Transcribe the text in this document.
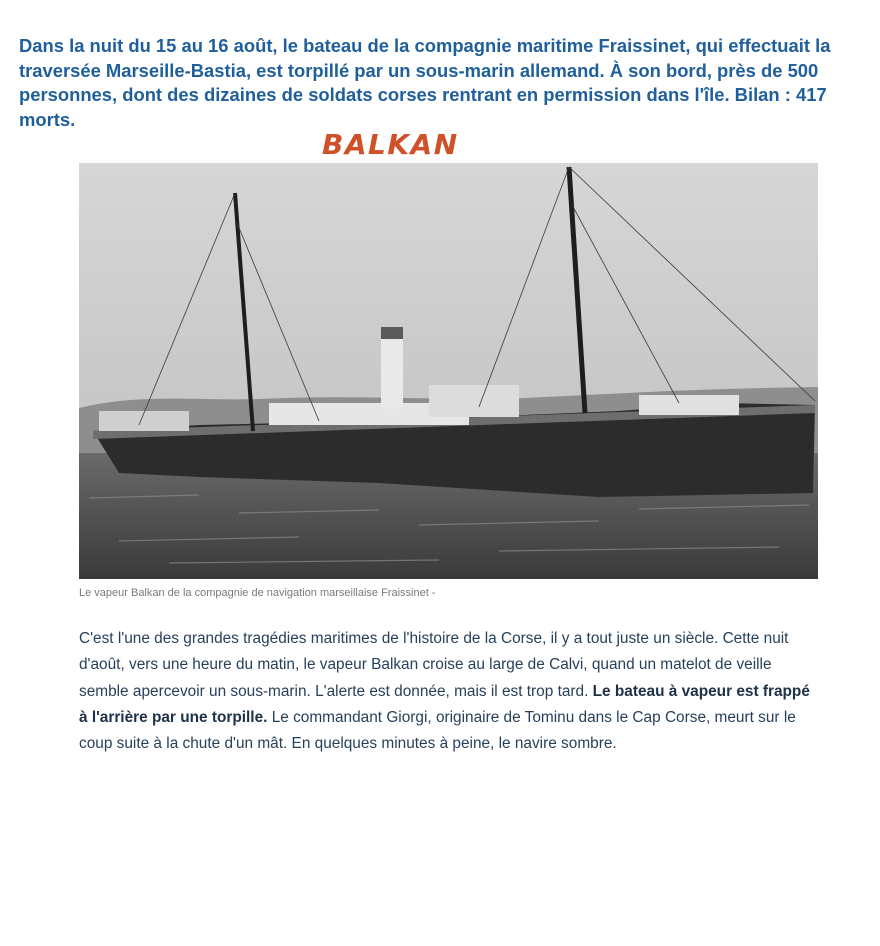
Dans la nuit du 15 au 16 août, le bateau de la compagnie maritime Fraissinet, qui effectuait la traversée Marseille-Bastia, est torpillé par un sous-marin allemand. À son bord, près de 500 personnes, dont des dizaines de soldats corses rentrant en permission dans l'île. Bilan : 417 morts.

BALKAN

Le vapeur Balkan de la compagnie de navigation marseillaise Fraissinet -

C'est l'une des grandes tragédies maritimes de l'histoire de la Corse, il y a tout juste un siècle. Cette nuit d'août, vers une heure du matin, le vapeur Balkan croise au large de Calvi, quand un matelot de veille semble apercevoir un sous-marin. L'alerte est donnée, mais il est trop tard. Le bateau à vapeur est frappé à l'arrière par une torpille. Le commandant Giorgi, originaire de Tominu dans le Cap Corse, meurt sur le coup suite à la chute d'un mât. En quelques minutes à peine, le navire sombre.
